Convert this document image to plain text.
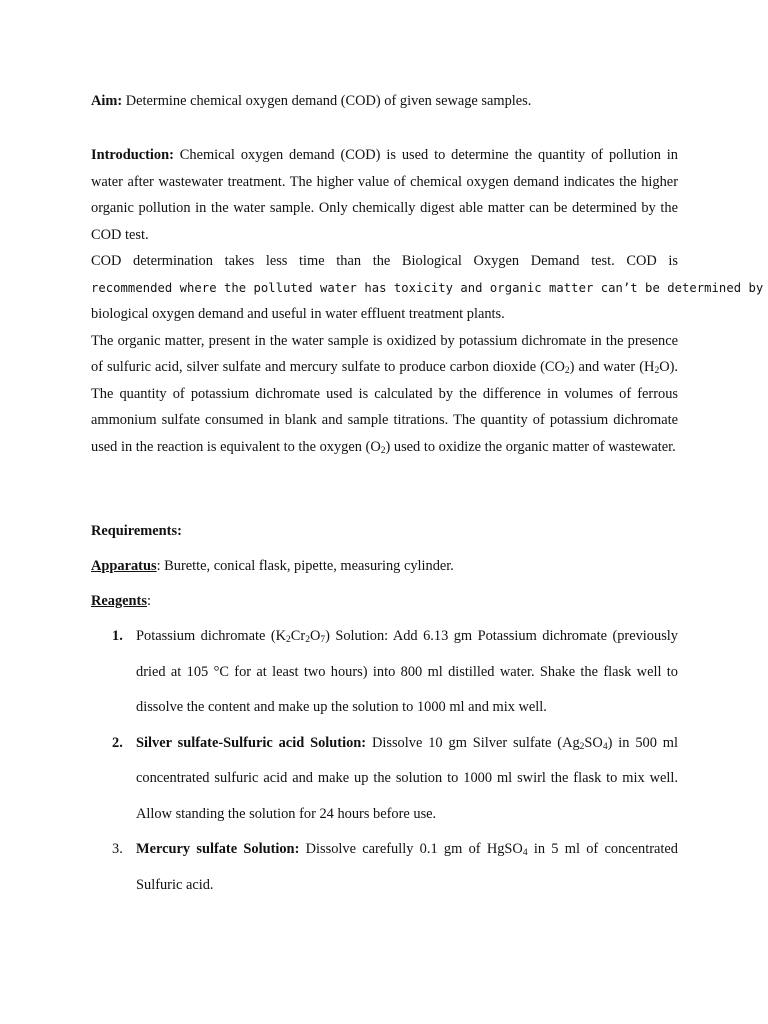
Aim: Determine chemical oxygen demand (COD) of given sewage samples.

Introduction: Chemical oxygen demand (COD) is used to determine the quantity of pollution in water after wastewater treatment. The higher value of chemical oxygen demand indicates the higher organic pollution in the water sample. Only chemically digest able matter can be determined by the COD test.

COD determination takes less time than the Biological Oxygen Demand test. COD is
recommended where the polluted water has toxicity and organic matter can’t be determined by
biological oxygen demand and useful in water effluent treatment plants.

The organic matter, present in the water sample is oxidized by potassium dichromate in the presence of sulfuric acid, silver sulfate and mercury sulfate to produce carbon dioxide $(CO_2)$ and water $(H_2O)$. The quantity of potassium dichromate used is calculated by the difference in volumes of ferrous ammonium sulfate consumed in blank and sample titrations. The quantity of potassium dichromate used in the reaction is equivalent to the oxygen $(O_2)$ used to oxidize the organic matter of wastewater.

Requirements:

Apparatus: Burette, conical flask, pipette, measuring cylinder.

Reagents:

1. Potassium dichromate $(K_2Cr_2O_7)$ Solution: Add 6.13 gm Potassium dichromate (previously dried at 105 °C for at least two hours) into 800 ml distilled water. Shake the flask well to dissolve the content and make up the solution to 1000 ml and mix well.
2. Silver sulfate-Sulfuric acid Solution: Dissolve 10 gm Silver sulfate $(Ag_2SO_4)$ in 500 ml concentrated sulfuric acid and make up the solution to 1000 ml swirl the flask to mix well. Allow standing the solution for 24 hours before use.
3. Mercury sulfate Solution: Dissolve carefully 0.1 gm of HgSO$_4$ in 5 ml of concentrated Sulfuric acid.
